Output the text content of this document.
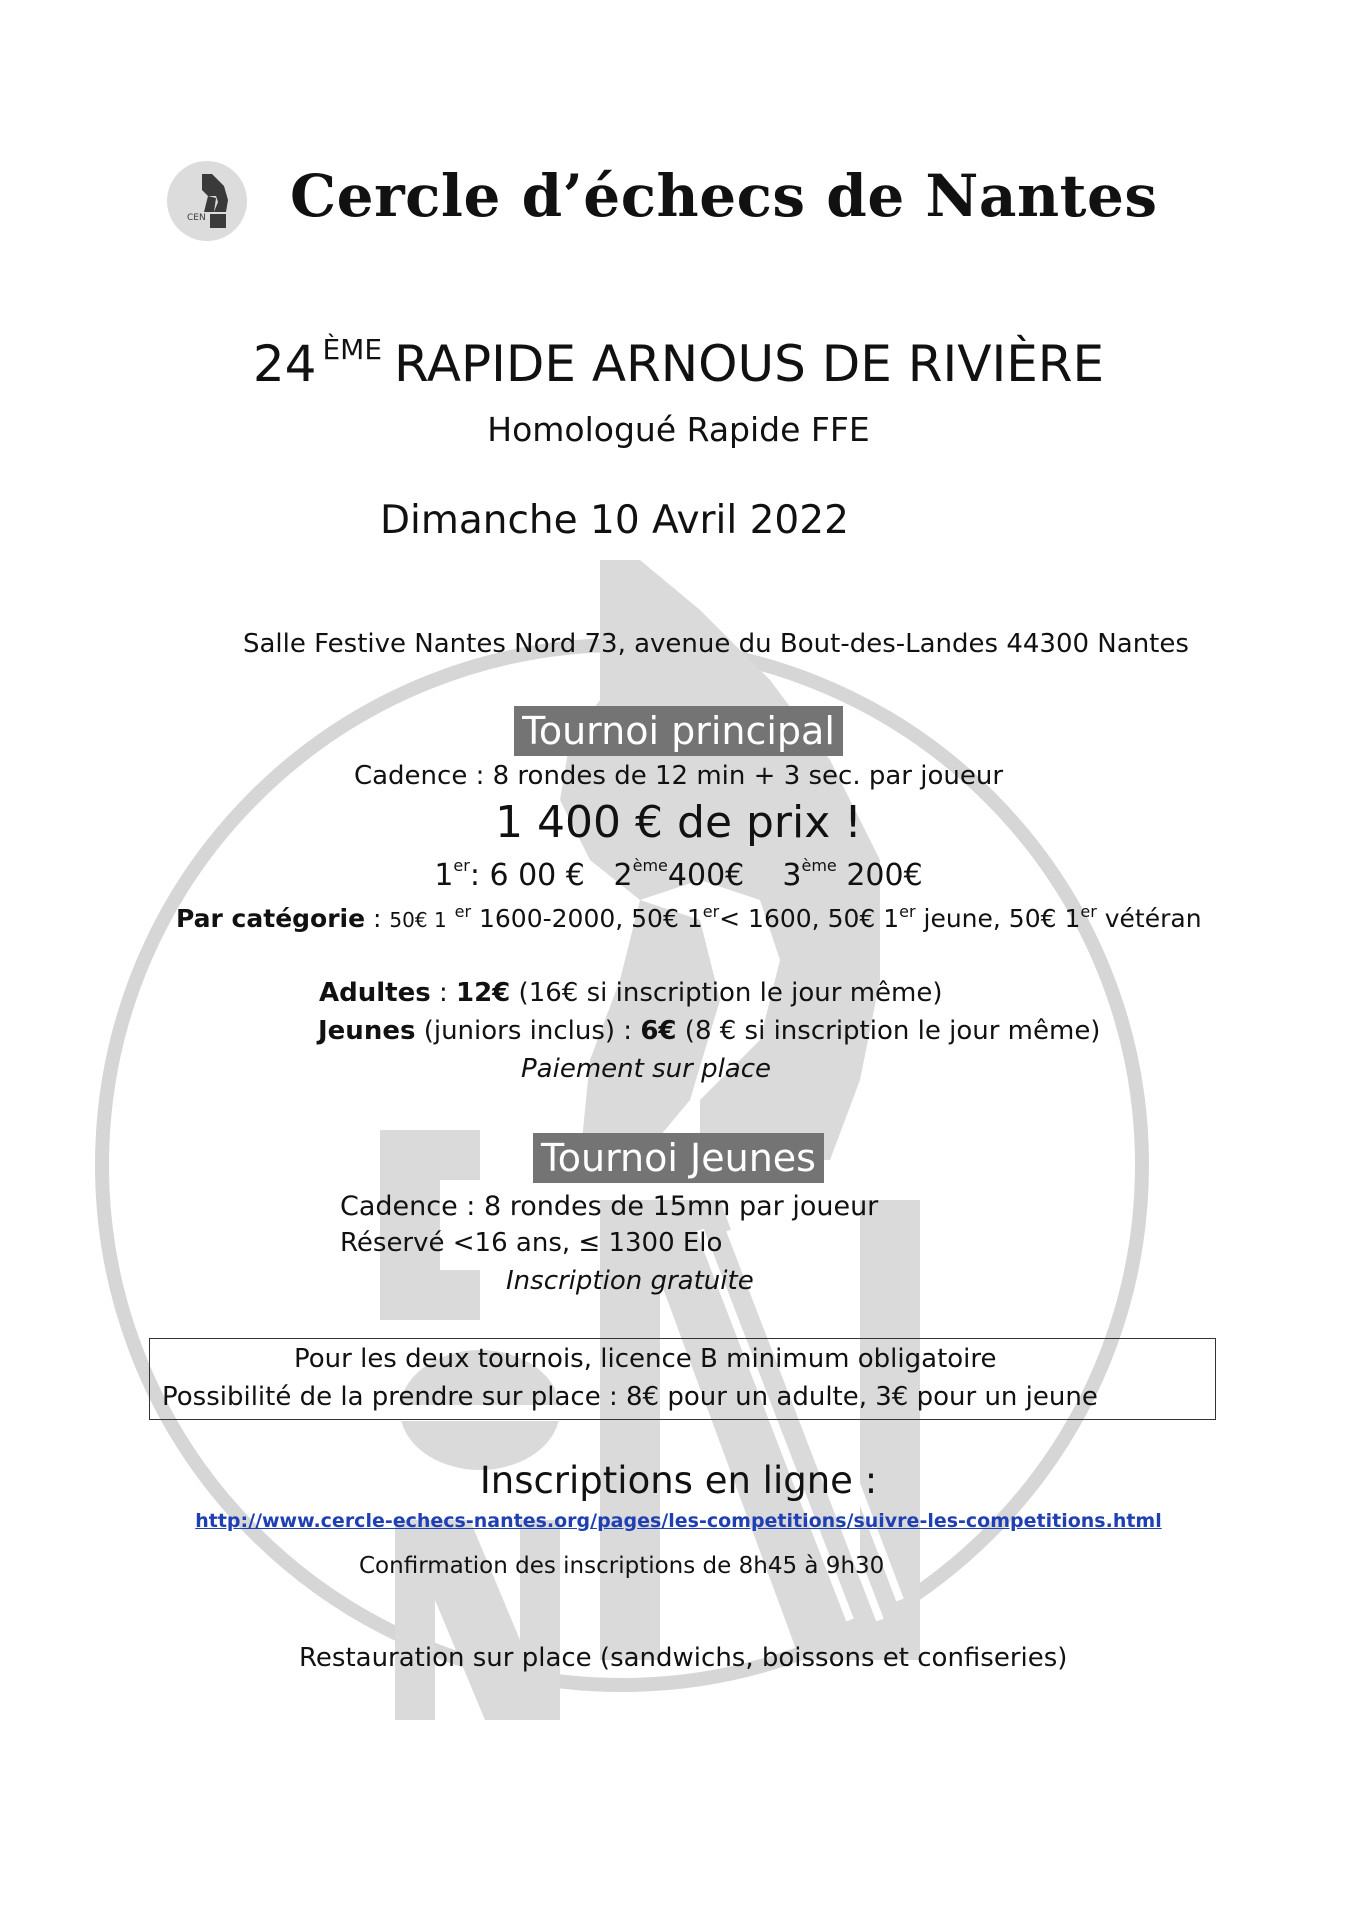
CEN Cercle d’échecs de Nantes
24 $^{ÈME}$ RAPIDE ARNOUS DE RIVIÈRE
Homologué Rapide FFE
Dimanche 10 Avril 2022
Salle Festive Nantes Nord 73, avenue du Bout-des-Landes 44300 Nantes
Tournoi principal
Cadence : 8 rondes de 12 min + 3 sec. par joueur
1 400 € de prix !
1er: 6 00 € 2ème400€ 3ème 200€
Par catégorie : 50€ 1 $^{er}$ 1600-2000, 50€ 1er< 1600, 50€ 1er jeune, 50€ 1er vétéran
Adultes : 12€ (16€ si inscription le jour même)
Jeunes (juniors inclus) : 6€ (8 € si inscription le jour même)
Paiement sur place
Tournoi Jeunes
Cadence : 8 rondes de 15mn par joueur
Réservé <16 ans, ≤ 1300 Elo
Inscription gratuite
Pour les deux tournois, licence B minimum obligatoire
Possibilité de la prendre sur place : 8€ pour un adulte, 3€ pour un jeune
Inscriptions en ligne :
http://www.cercle-echecs-nantes.org/pages/les-competitions/suivre-les-competitions.html
Confirmation des inscriptions de 8h45 à 9h30
Restauration sur place (sandwichs, boissons et confiseries)
